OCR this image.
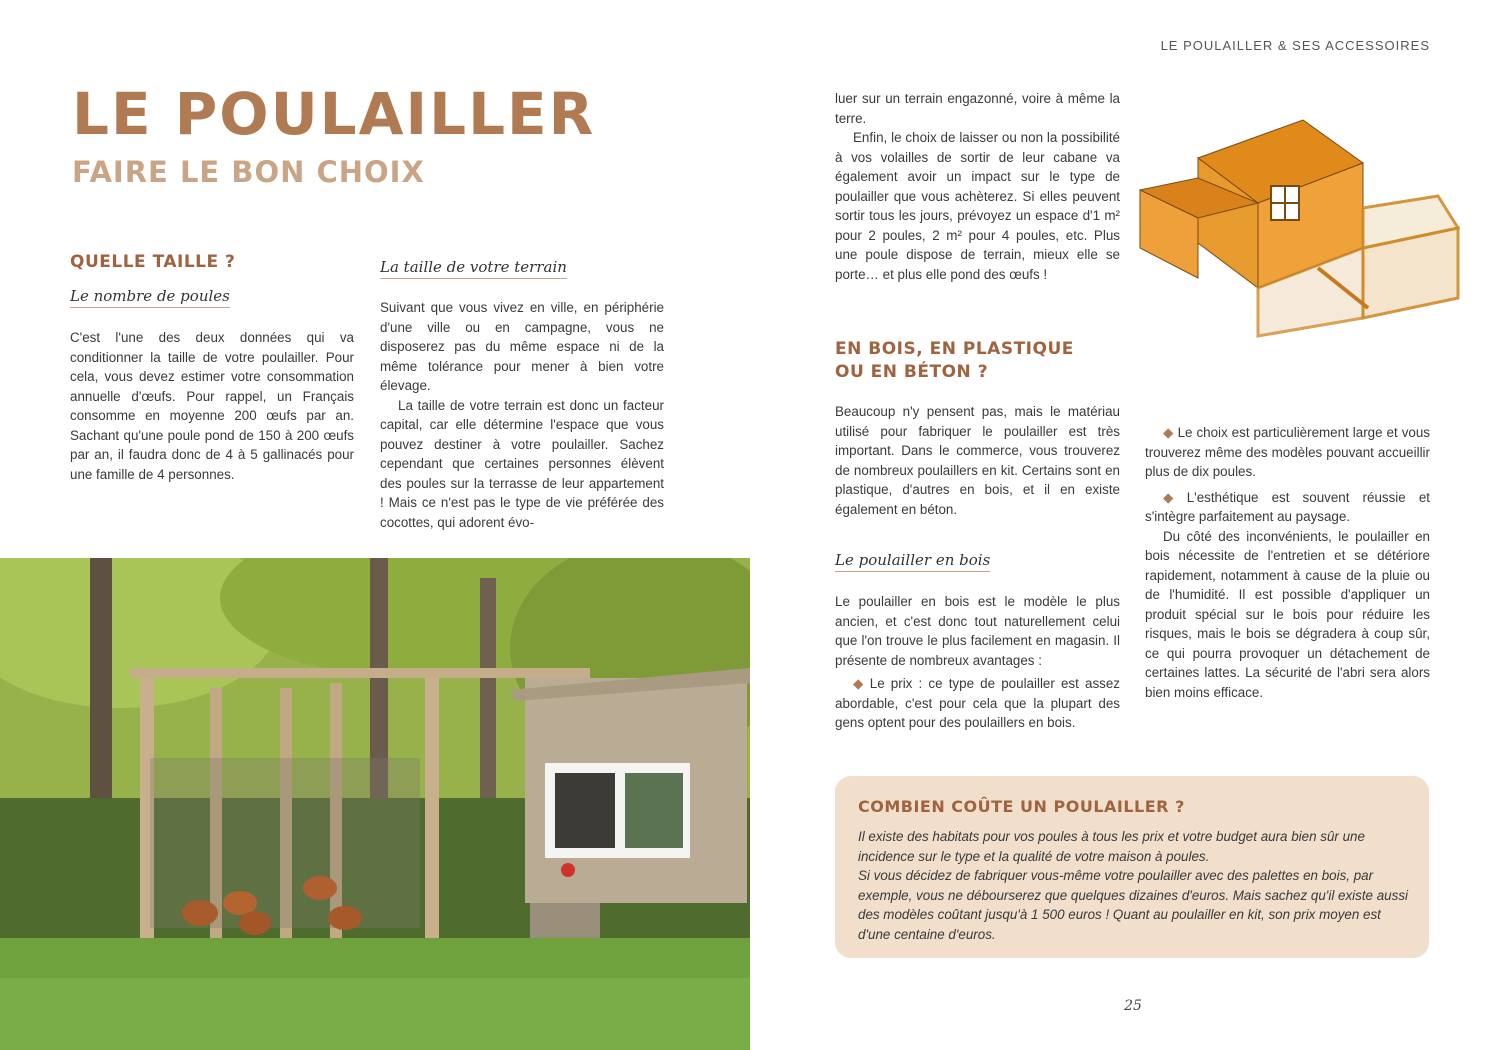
LE POULAILLER & SES ACCESSOIRES
LE POULAILLER
FAIRE LE BON CHOIX
QUELLE TAILLE ?
Le nombre de poules

C'est l'une des deux données qui va conditionner la taille de votre poulailler. Pour cela, vous devez estimer votre consommation annuelle d'œufs. Pour rappel, un Français consomme en moyenne 200 œufs par an. Sachant qu'une poule pond de 150 à 200 œufs par an, il faudra donc de 4 à 5 gallinacés pour une famille de 4 personnes.

La taille de votre terrain

Suivant que vous vivez en ville, en périphérie d'une ville ou en campagne, vous ne disposerez pas du même espace ni de la même tolérance pour mener à bien votre élevage.

La taille de votre terrain est donc un facteur capital, car elle détermine l'espace que vous pouvez destiner à votre poulailler. Sachez cependant que certaines personnes élèvent des poules sur la terrasse de leur appartement ! Mais ce n'est pas le type de vie préférée des cocottes, qui adorent évo-

luer sur un terrain engazonné, voire à même la terre.

Enfin, le choix de laisser ou non la possibilité à vos volailles de sortir de leur cabane va également avoir un impact sur le type de poulailler que vous achèterez. Si elles peuvent sortir tous les jours, prévoyez un espace d'1 m² pour 2 poules, 2 m² pour 4 poules, etc. Plus une poule dispose de terrain, mieux elle se porte… et plus elle pond des œufs !

EN BOIS, EN PLASTIQUE
OU EN BÉTON ?

Beaucoup n'y pensent pas, mais le matériau utilisé pour fabriquer le poulailler est très important. Dans le commerce, vous trouverez de nombreux poulaillers en kit. Certains sont en plastique, d'autres en bois, et il en existe également en béton.

Le poulailler en bois

Le poulailler en bois est le modèle le plus ancien, et c'est donc tout naturellement celui que l'on trouve le plus facilement en magasin. Il présente de nombreux avantages :

◆ Le prix : ce type de poulailler est assez abordable, c'est pour cela que la plupart des gens optent pour des poulaillers en bois.

◆ Le choix est particulièrement large et vous trouverez même des modèles pouvant accueillir plus de dix poules.

◆ L'esthétique est souvent réussie et s'intègre parfaitement au paysage.

Du côté des inconvénients, le poulailler en bois nécessite de l'entretien et se détériore rapidement, notamment à cause de la pluie ou de l'humidité. Il est possible d'appliquer un produit spécial sur le bois pour réduire les risques, mais le bois se dégradera à coup sûr, ce qui pourra provoquer un détachement de certaines lattes. La sécurité de l'abri sera alors bien moins efficace.

COMBIEN COÛTE UN POULAILLER ?

Il existe des habitats pour vos poules à tous les prix et votre budget aura bien sûr une incidence sur le type et la qualité de votre maison à poules.

Si vous décidez de fabriquer vous-même votre poulailler avec des palettes en bois, par exemple, vous ne débourserez que quelques dizaines d'euros. Mais sachez qu'il existe aussi des modèles coûtant jusqu'à 1 500 euros ! Quant au poulailler en kit, son prix moyen est d'une centaine d'euros.

25
